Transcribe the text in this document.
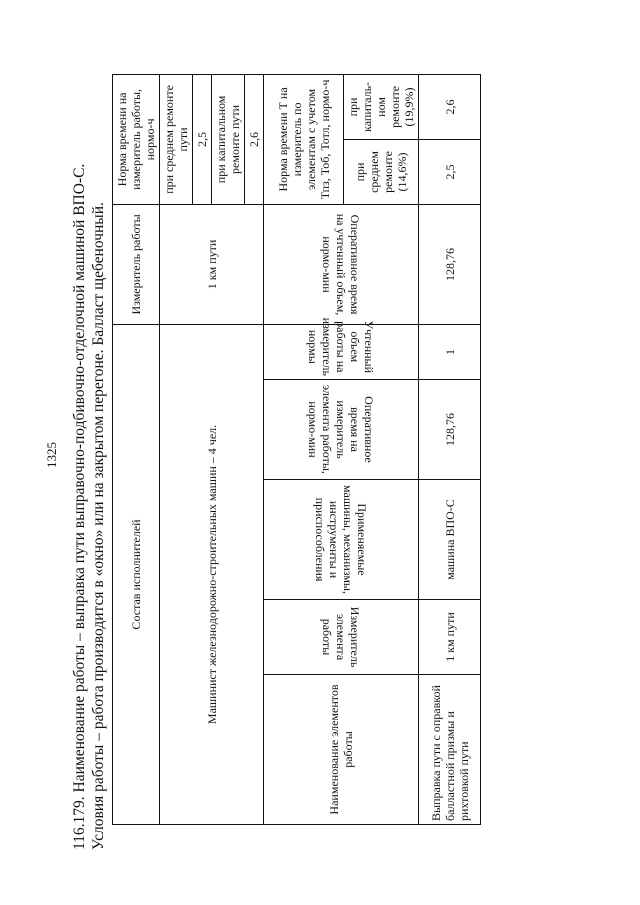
1325 116.179. Наименование работы – выправка пути выправочно-подбивочно-отделочной машиной ВПО-С. Условия работы – работа производится в «окно» или на закрытом перегоне. Балласт щебеночный. Состав исполнителей					Измеритель работы	Норма времени на измеритель работы, нормо-ч	
Машинист железнодорожно-строительных машин – 4 чел.					1 км пути	при среднем ремонте пути	
						2,5	
						при капитальном ремонте пути	
						2,6	
Наименование элементов работы	Измеритель элемента работы	Применяемые машины, механизмы, инструменты и приспособления	Оперативное время на измеритель элемента работы, нормо-мин	Учтенный объем работы на измеритель нормы	Оперативное время на учтенный объем, нормо-мин	Норма времени Т на измеритель по элементам с учетом Тпз, Тоб, Тотл, нормо-ч	
						при среднем ремонте (14,6%)	при капиталь-ном ремонте (19,9%)
Выправка пути с оправкой балластной призмы и рихтовкой пути	1 км пути	машина ВПО-С	128,76	1	128,76	2,5	2,6
